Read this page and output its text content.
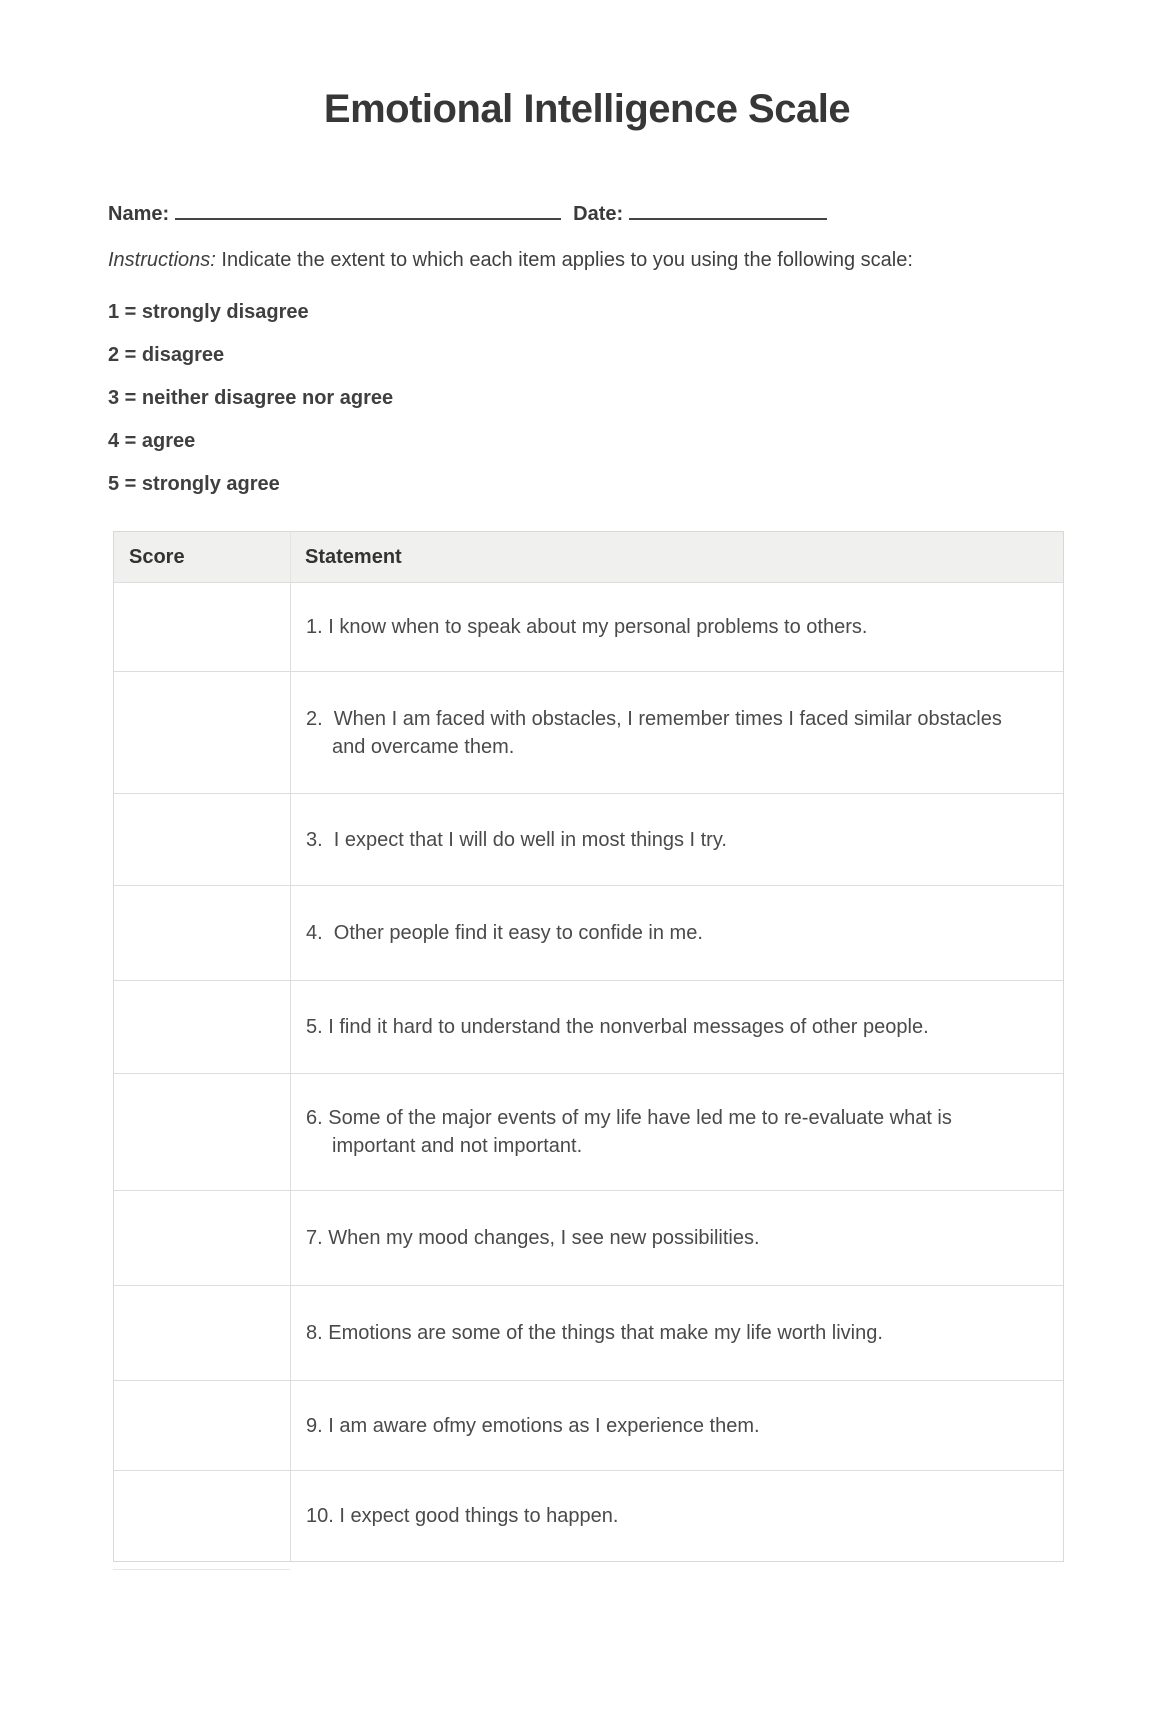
Emotional Intelligence Scale
Name:	Date:

Instructions: Indicate the extent to which each item applies to you using the following scale:

1 = strongly disagree
2 = disagree
3 = neither disagree nor agree
4 = agree
5 = strongly agree
Score	Statement
1. I know when to speak about my personal problems to others.
2.  When I am faced with obstacles, I remember times I faced similar obstacles and overcame them.
3.  I expect that I will do well in most things I try.
4.  Other people find it easy to confide in me.
5. I find it hard to understand the nonverbal messages of other people.
6. Some of the major events of my life have led me to re-evaluate what is important and not important.
7. When my mood changes, I see new possibilities.
8. Emotions are some of the things that make my life worth living.
9. I am aware ofmy emotions as I experience them.
10. I expect good things to happen.
